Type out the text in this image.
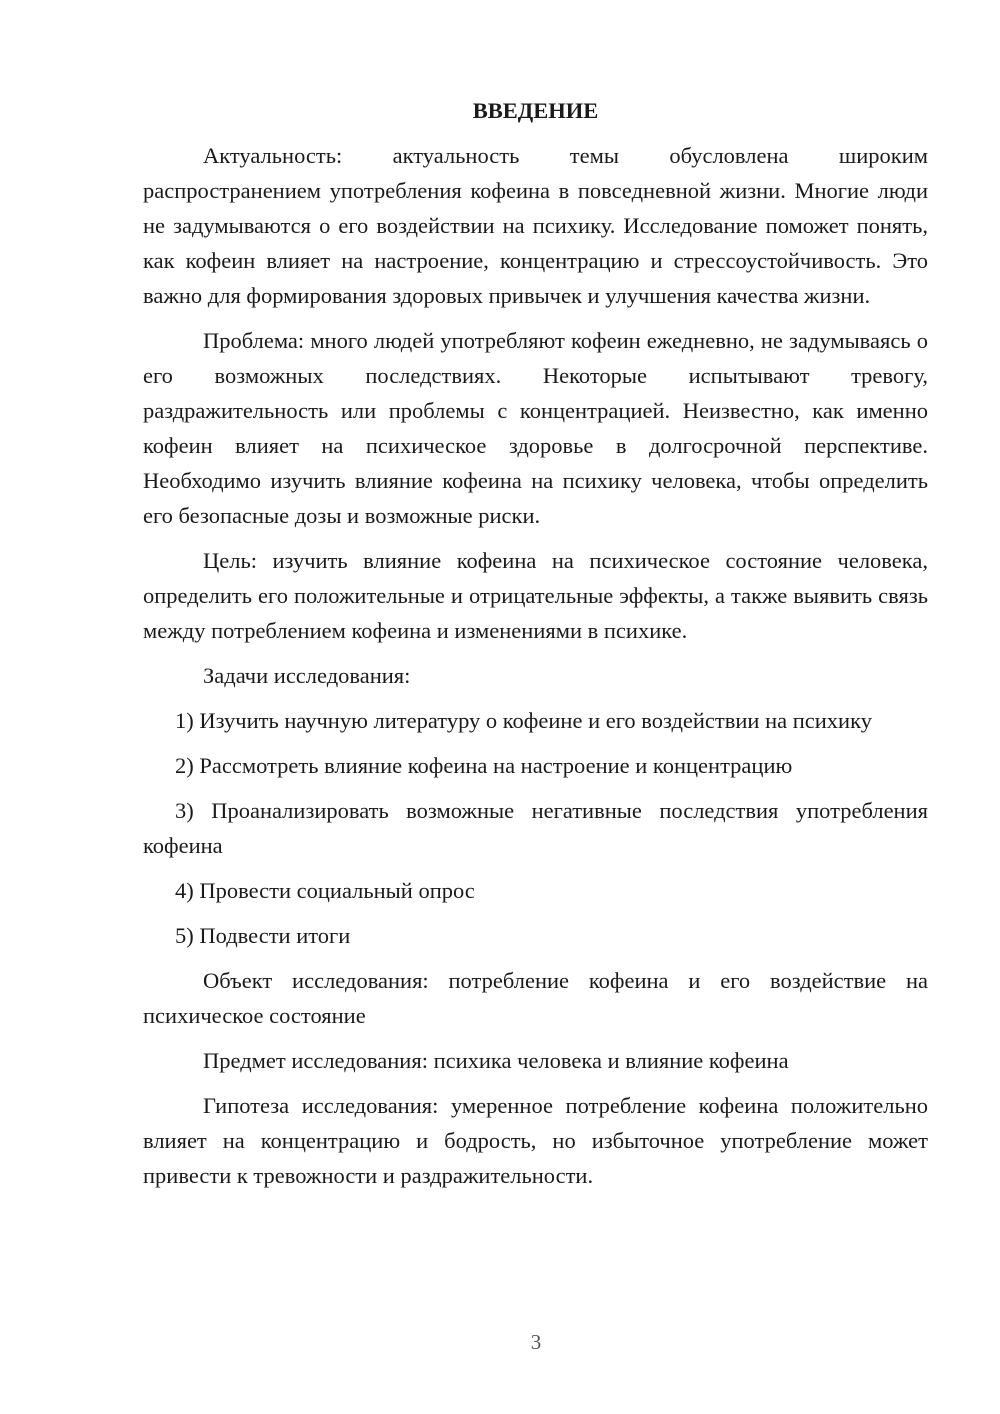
ВВЕДЕНИЕ

Актуальность: актуальность темы обусловлена широким распространением употребления кофеина в повседневной жизни. Многие люди не задумываются о его воздействии на психику. Исследование поможет понять, как кофеин влияет на настроение, концентрацию и стрессоустойчивость. Это важно для формирования здоровых привычек и улучшения качества жизни.

Проблема: много людей употребляют кофеин ежедневно, не задумываясь о его возможных последствиях. Некоторые испытывают тревогу, раздражительность или проблемы с концентрацией. Неизвестно, как именно кофеин влияет на психическое здоровье в долгосрочной перспективе. Необходимо изучить влияние кофеина на психику человека, чтобы определить его безопасные дозы и возможные риски.

Цель: изучить влияние кофеина на психическое состояние человека, определить его положительные и отрицательные эффекты, а также выявить связь между потреблением кофеина и изменениями в психике.

Задачи исследования:

1) Изучить научную литературу о кофеине и его воздействии на психику

2) Рассмотреть влияние кофеина на настроение и концентрацию

3) Проанализировать возможные негативные последствия употребления кофеина

4) Провести социальный опрос

5) Подвести итоги

Объект исследования: потребление кофеина и его воздействие на психическое состояние

Предмет исследования: психика человека и влияние кофеина

Гипотеза исследования: умеренное потребление кофеина положительно влияет на концентрацию и бодрость, но избыточное употребление может привести к тревожности и раздражительности.

3
